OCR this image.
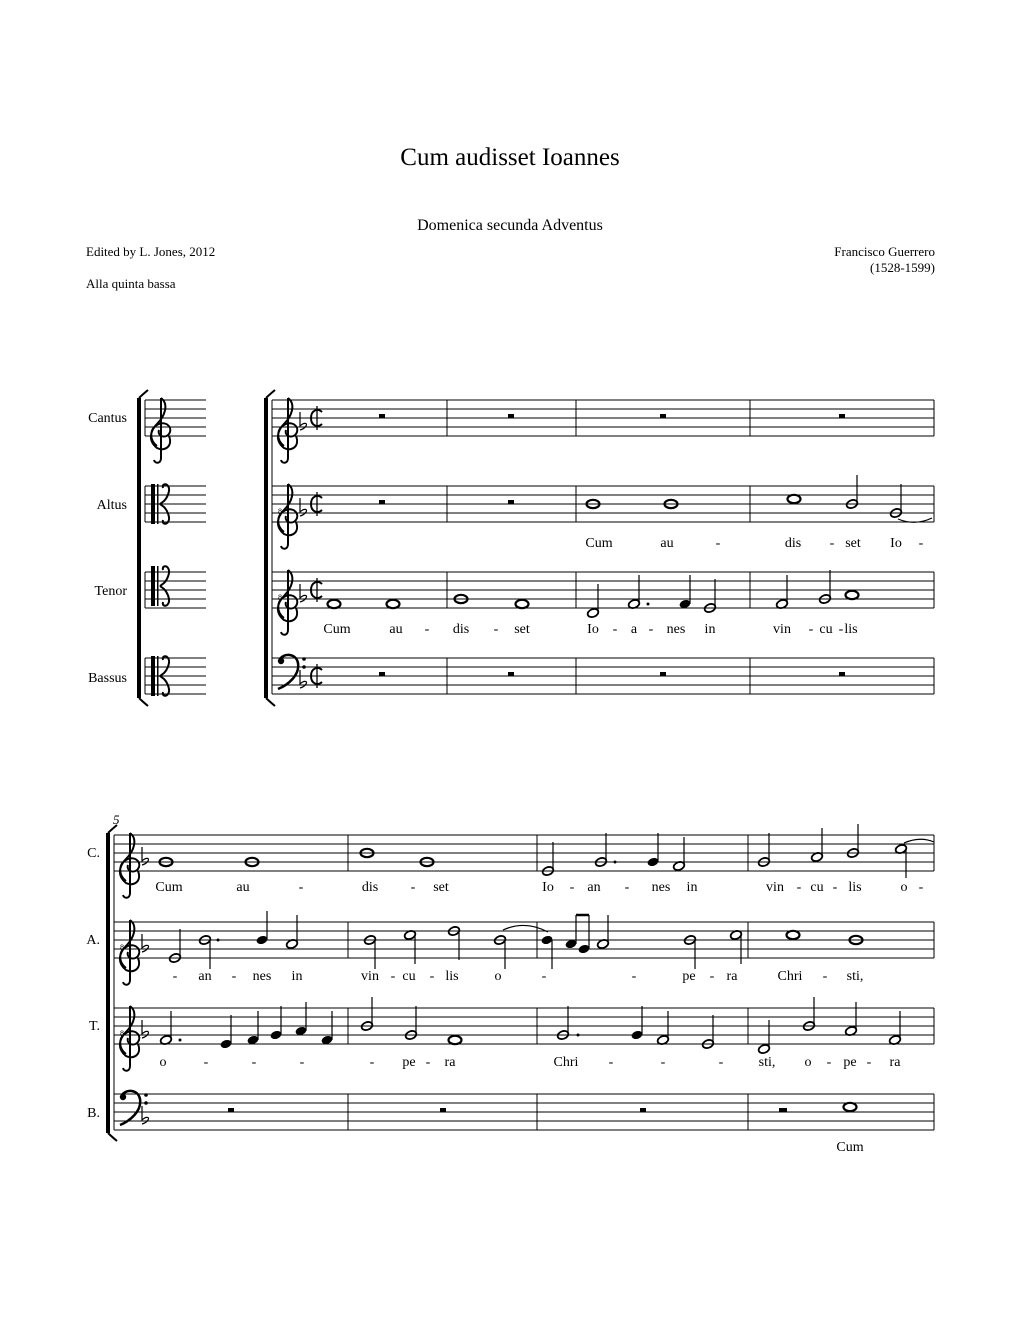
Cum audisset Ioannes
Domenica secunda Adventus
Edited by L. Jones, 2012
Alla quinta bassa
Francisco Guerrero
(1528-1599)
Cantus
Altus
Tenor
Bassus
C.
A.
T.
B.
5
Cum	au	-	dis - set Io -
Cum	au - dis - set	Io - a - nes in	vin - cu - lis
Cum	au	-	dis - set	Io - an - nes in	vin - cu - lis	o -
- an - nes in	vin - cu - lis	o	-	-	pe - ra	Chri - sti,
o	-	-	-	- pe - ra	Chri -	-	-	sti, o - pe - ra
Cum
8
8
8
8
